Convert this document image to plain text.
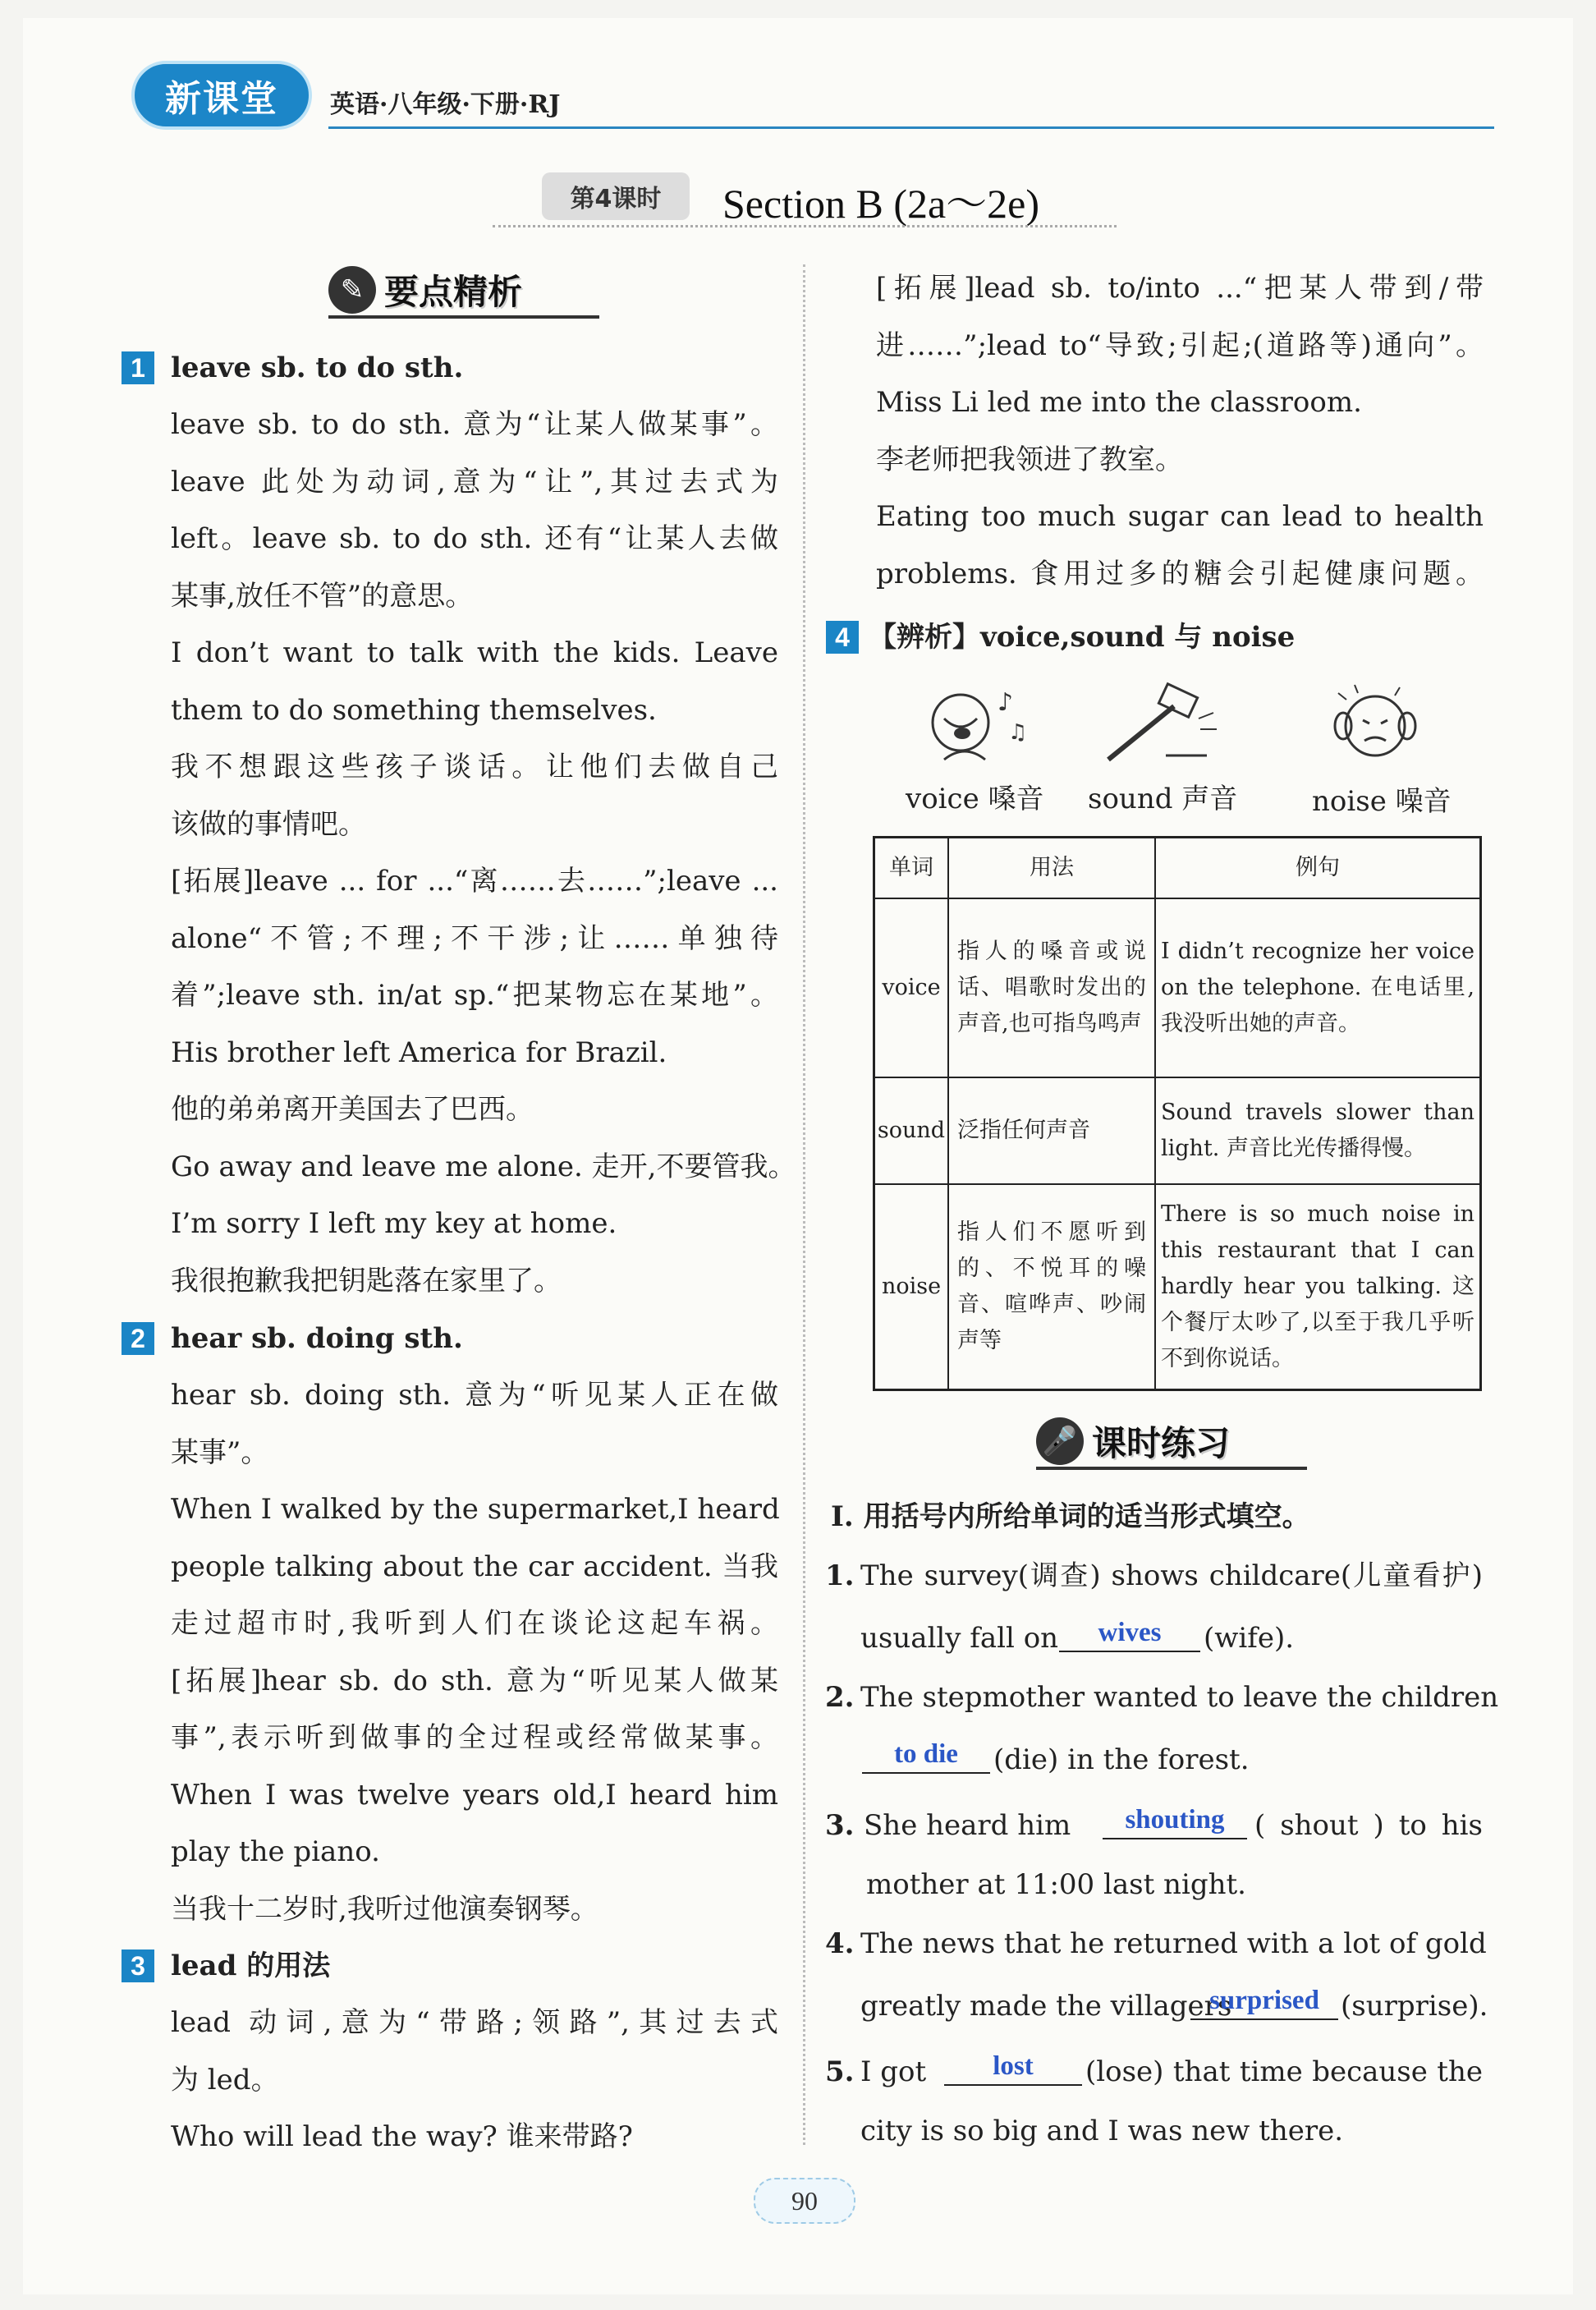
新课堂	英语·八年级·下册·RJ
第4课时	Section B (2a～2e)
✎ 要点精析
1 leave sb. to do sth.
leave sb. to do sth. 意为“让某人做某事”。
leave 此处为动词,意为“让”,其过去式为
left。leave sb. to do sth. 还有“让某人去做
某事,放任不管”的意思。
I don’t want to talk with the kids. Leave
them to do something themselves.
我不想跟这些孩子谈话。让他们去做自己
该做的事情吧。
[拓展]leave ... for ...“离……去……”;leave ...
alone“不管;不理;不干涉;让……单独待
着”;leave sth. in/at sp.“把某物忘在某地”。
His brother left America for Brazil.
他的弟弟离开美国去了巴西。
Go away and leave me alone. 走开,不要管我。
I’m sorry I left my key at home.
我很抱歉我把钥匙落在家里了。
2 hear sb. doing sth.
hear sb. doing sth. 意为“听见某人正在做
某事”。
When I walked by the supermarket,I heard
people talking about the car accident. 当我
走过超市时,我听到人们在谈论这起车祸。
[拓展]hear sb. do sth. 意为“听见某人做某
事”,表示听到做事的全过程或经常做某事。
When I was twelve years old,I heard him
play the piano.
当我十二岁时,我听过他演奏钢琴。
3 lead 的用法
lead 动词,意为“带路;领路”,其过去式
为 led。
Who will lead the way? 谁来带路?
[拓展]lead sb. to/into ...“把某人带到/带
进……”;lead to“导致;引起;(道路等)通向”。
Miss Li led me into the classroom.
李老师把我领进了教室。
Eating too much sugar can lead to health
problems. 食用过多的糖会引起健康问题。
4 【辨析】voice,sound 与 noise
♪
♫
voice 嗓音 sound 声音	noise 噪音
单词	用法	例句
voice	指人的嗓音或说话、唱歌时发出的声音,也可指鸟鸣声	I didn’t recognize her voice on the telephone. 在电话里,我没听出她的声音。
sound	泛指任何声音	Sound travels slower than light. 声音比光传播得慢。
noise	指人们不愿听到的、不悦耳的噪音、喧哗声、吵闹声等	There is so much noise in this restaurant that I can hardly hear you talking. 这个餐厅太吵了,以至于我几乎听不到你说话。
🎤 课时练习
Ⅰ. 用括号内所给单词的适当形式填空。
1. The survey(调查) shows childcare(儿童看护)
usually fall on	wives	(wife).
2. The stepmother wanted to leave the children
to die	(die) in the forest.
3. She heard him	shouting	( shout ) to his
mother at 11:00 last night.
4. The news that he returned with a lot of gold
greatly made the villagers
surprised (surprise).
5. I got	lost	(lose) that time because the
city is so big and I was new there.
90
